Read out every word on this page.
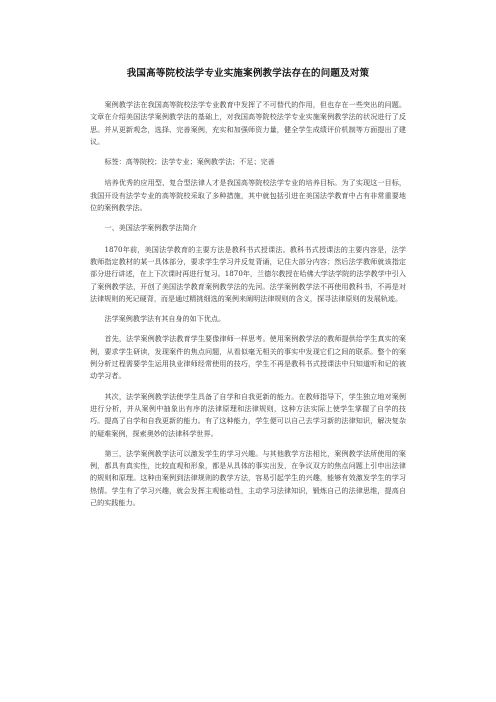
我国高等院校法学专业实施案例教学法存在的问题及对策

案例教学法在我国高等院校法学专业教育中发挥了不可替代的作用，但也存在一些突出的问题。文章在介绍美国法学案例教学法的基础上，对我国高等院校法学专业实施案例教学法的状况进行了反思。并从更新观念，选择、完善案例，充实和加强师资力量，健全学生成绩评价机制等方面提出了建议。

标签：高等院校；法学专业；案例教学法；不足；完善

培养优秀的应用型、复合型法律人才是我国高等院校法学专业的培养目标。为了实现这一目标，我国开设有法学专业的高等院校采取了多种措施，其中就包括引进在美国法学教育中占有非常重要地位的案例教学法。

一、美国法学案例教学法简介

1870年前，美国法学教育的主要方法是教科书式授课法。教科书式授课法的主要内容是，法学教师指定教材的某一具体部分，要求学生学习并反复背诵，记住大部分内容；然后法学教师就该指定部分进行讲述，在上下次课时再进行复习。1870年，兰德尔教授在哈佛大学法学院的法学教学中引入了案例教学法，开创了美国法学教育案例教学法的先河。法学案例教学法不再使用教科书，不再是对法律规则的死记硬背，而是通过精挑细选的案例来阐明法律规则的含义，探寻法律原则的发展轨迹。

法学案例教学法有其自身的如下优点。

首先，法学案例教学法教育学生要像律师一样思考。使用案例教学法的教师提供给学生真实的案例，要求学生研读，发现案件的焦点问题，从看似毫无相关的事实中发现它们之间的联系。整个的案例分析过程需要学生运用执业律师经常使用的技巧，学生不再是教科书式授课法中只知道听和记的被动学习者。

其次，法学案例教学法使学生具备了自学和自我更新的能力。在教师指导下，学生独立地对案例进行分析，并从案例中抽象出有序的法律原理和法律规则，这种方法实际上使学生掌握了自学的技巧。提高了自学和自我更新的能力。有了这种能力，学生便可以自己去学习新的法律知识，解决复杂的疑难案例，探索奥妙的法律科学世界。

第三，法学案例教学法可以激发学生的学习兴趣。与其他教学方法相比，案例教学法所使用的案例，都具有真实性，比较直观和形象，都是从具体的事实出发，在争议双方的焦点问题上引申出法律的规则和原理。这种由案例到法律规则的教学方法，容易引起学生的兴趣，能够有效激发学生的学习热情。学生有了学习兴趣，就会发挥主观能动性，主动学习法律知识，锻炼自己的法律思维，提高自己的实践能力。
